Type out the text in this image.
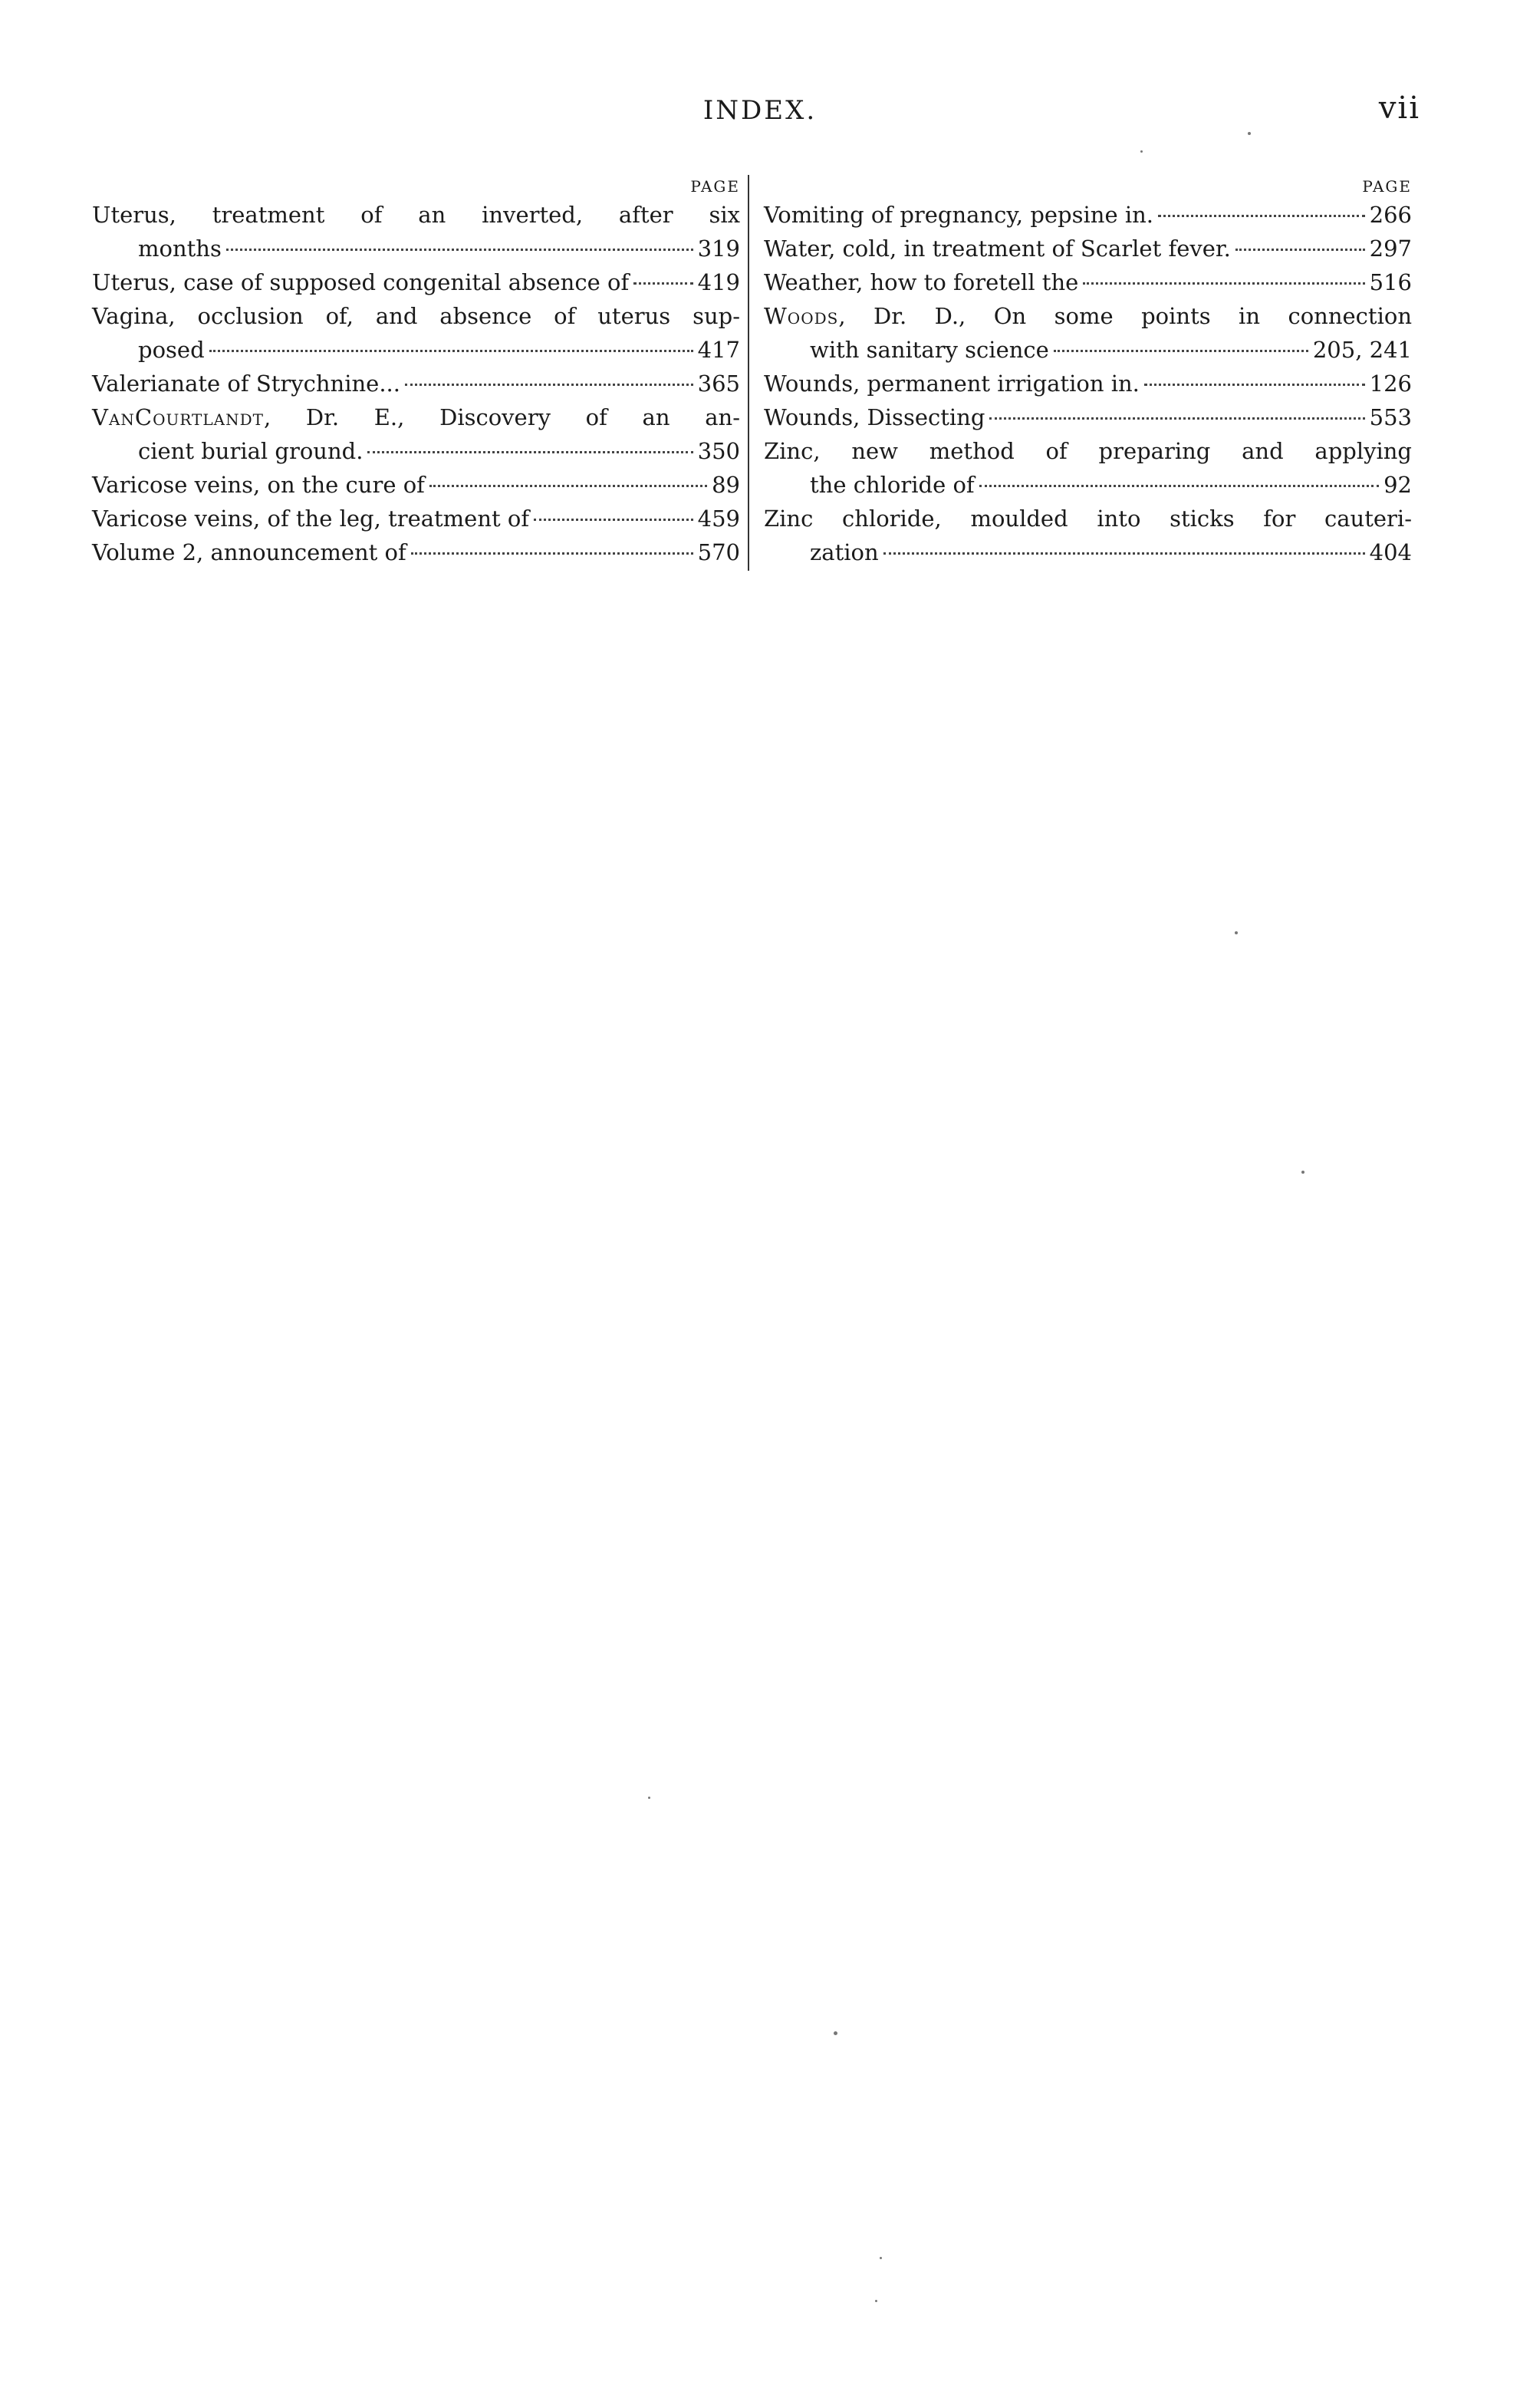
INDEX.	vii
PAGE
Uterus, treatment of an inverted, after six
months	319
Uterus, case of supposed congenital absence of	419
Vagina, occlusion of, and absence of uterus sup-
posed	417
Valerianate of Strychnine...	365
VanCourtlandt, Dr. E., Discovery of an an-
cient burial ground.	350
Varicose veins, on the cure of	89
Varicose veins, of the leg, treatment of	459
Volume 2, announcement of	570
PAGE
Vomiting of pregnancy, pepsine in.	266
Water, cold, in treatment of Scarlet fever.	297
Weather, how to foretell the	516
Woods, Dr. D., On some points in connection
with sanitary science	205, 241
Wounds, permanent irrigation in.	126
Wounds, Dissecting	553
Zinc, new method of preparing and applying
the chloride of	92
Zinc chloride, moulded into sticks for cauteri-
zation	404
